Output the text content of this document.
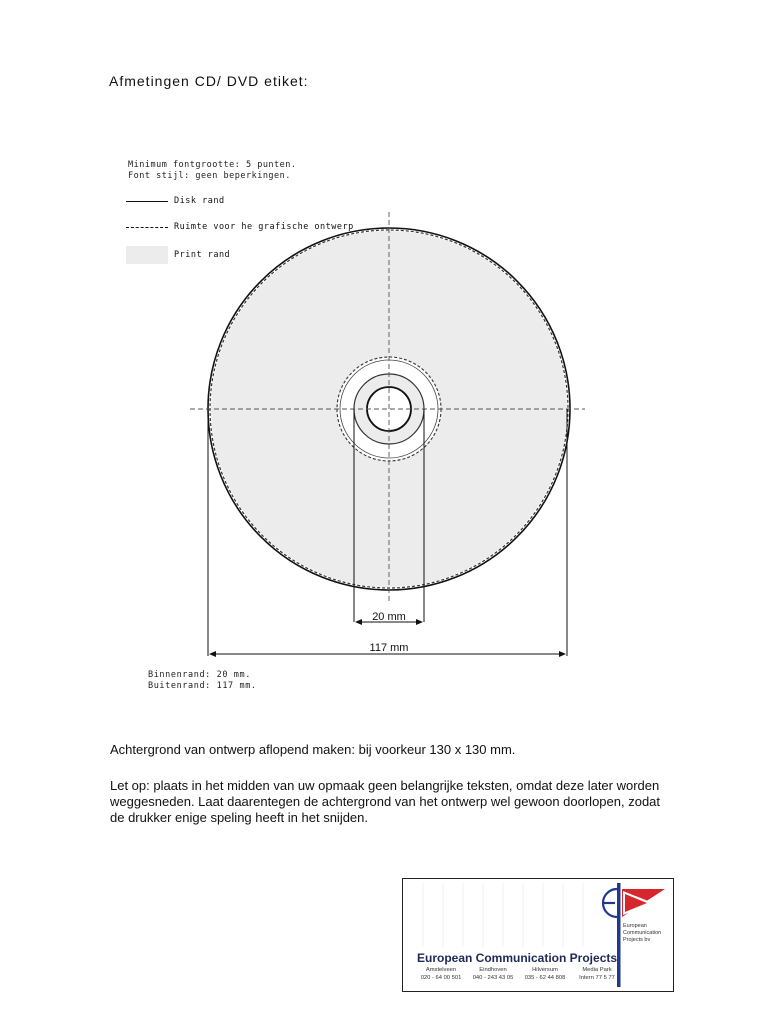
Afmetingen CD/ DVD etiket:
Minimum fontgrootte: 5 punten.
Font stijl: geen beperkingen.
Disk rand
Ruimte voor he grafische ontwerp
Print rand
20 mm
117 mm
Binnenrand: 20 mm.
Buitenrand: 117 mm.
Achtergrond van ontwerp aflopend maken: bij voorkeur 130 x 130 mm.
Let op: plaats in het midden van uw opmaak geen belangrijke teksten, omdat deze later worden weggesneden. Laat daarentegen de achtergrond van het ontwerp wel gewoon doorlopen, zodat de drukker enige speling heeft in het snijden.
European
Communication
Projects bv
European Communication Projects
Amstelveen
020 - 64 00 501
Eindhoven
040 - 243 43 05
Hilversum
035 - 62 44 808
Media Park
Intern 77 5 77
